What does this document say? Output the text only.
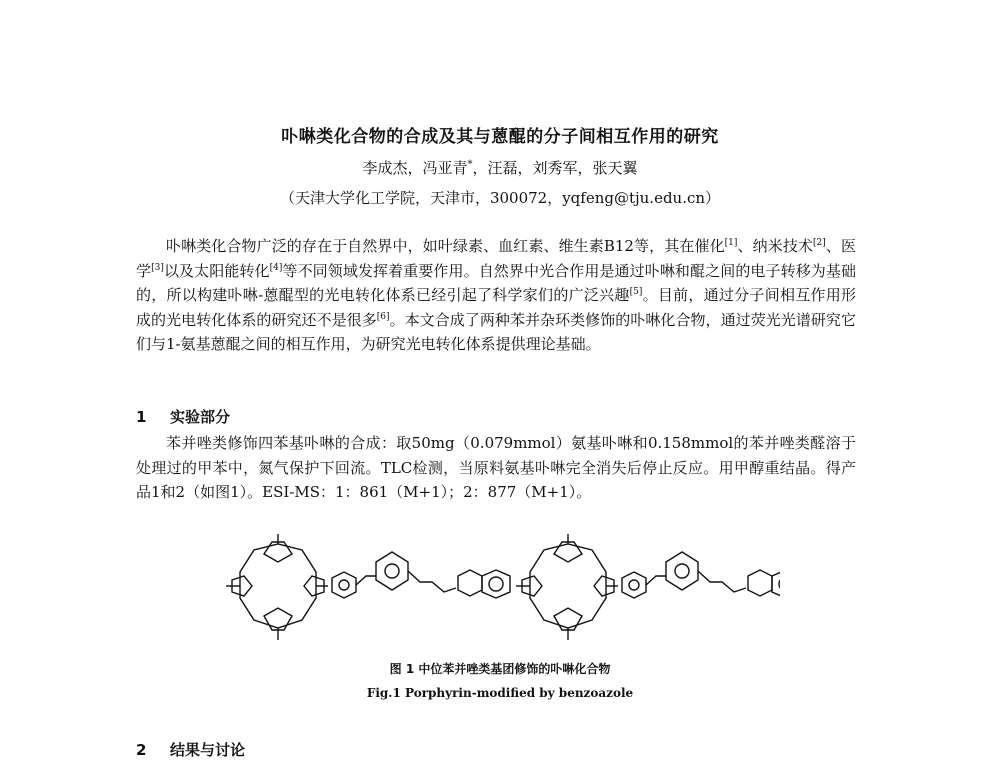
卟啉类化合物的合成及其与蒽醌的分子间相互作用的研究
李成杰，冯亚青*，汪磊，刘秀军，张天翼
（天津大学化工学院，天津市，300072，yqfeng@tju.edu.cn）

卟啉类化合物广泛的存在于自然界中，如叶绿素、血红素、维生素B12等，其在催化[1]、纳米技术[2]、医学[3]以及太阳能转化[4]等不同领域发挥着重要作用。自然界中光合作用是通过卟啉和醌之间的电子转移为基础的，所以构建卟啉-蒽醌型的光电转化体系已经引起了科学家们的广泛兴趣[5]。目前，通过分子间相互作用形成的光电转化体系的研究还不是很多[6]。本文合成了两种苯并杂环类修饰的卟啉化合物，通过荧光光谱研究它们与1-氨基蒽醌之间的相互作用，为研究光电转化体系提供理论基础。

1 实验部分

苯并唑类修饰四苯基卟啉的合成：取50mg（0.079mmol）氨基卟啉和0.158mmol的苯并唑类醛溶于处理过的甲苯中，氮气保护下回流。TLC检测，当原料氨基卟啉完全消失后停止反应。用甲醇重结晶。得产品1和2（如图1）。ESI-MS：1：861（M+1）；2：877（M+1）。

图 1 中位苯并唑类基团修饰的卟啉化合物
Fig.1 Porphyrin-modified by benzoazole
2 结果与讨论
